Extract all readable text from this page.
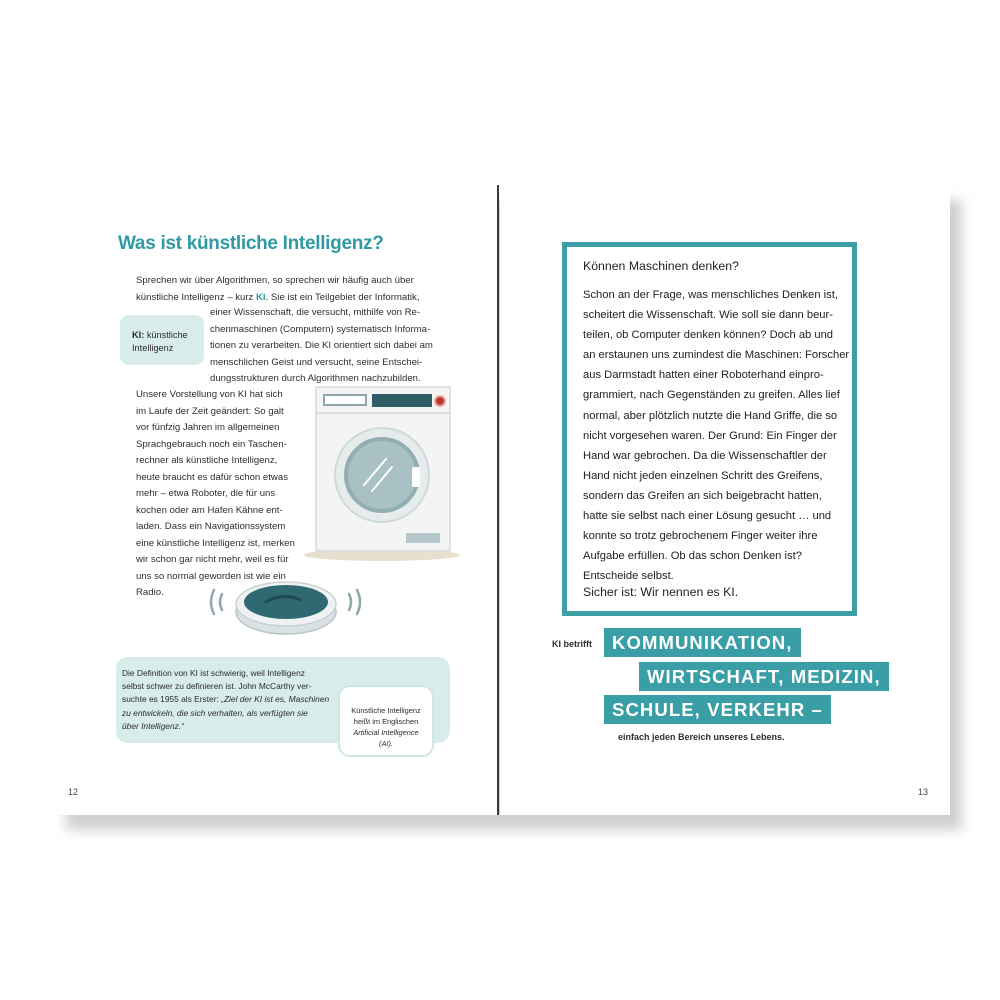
Was ist künstliche Intelligenz?
Sprechen wir über Algorithmen, so sprechen wir häufig auch über
künstliche Intelligenz – kurz KI. Sie ist ein Teilgebiet der Informatik,
einer Wissenschaft, die versucht, mithilfe von Re-
chenmaschinen (Computern) systematisch Informa-
tionen zu verarbeiten. Die KI orientiert sich dabei am
menschlichen Geist und versucht, seine Entschei-
dungsstrukturen durch Algorithmen nachzubilden.
KI: künstliche Intelligenz
Unsere Vorstellung von KI hat sich
im Laufe der Zeit geändert: So galt
vor fünfzig Jahren im allgemeinen
Sprachgebrauch noch ein Taschen-
rechner als künstliche Intelligenz,
heute braucht es dafür schon etwas
mehr – etwa Roboter, die für uns
kochen oder am Hafen Kähne ent-
laden. Dass ein Navigationssystem
eine künstliche Intelligenz ist, merken
wir schon gar nicht mehr, weil es für
uns so normal geworden ist wie ein
Radio.
Die Definition von KI ist schwierig, weil Intelligenz
selbst schwer zu definieren ist. John McCarthy ver-
suchte es 1955 als Erster: „Ziel der KI ist es, Maschinen
zu entwickeln, die sich verhalten, als verfügten sie
über Intelligenz.“
Künstliche Intelligenz
heißt im Englischen
Artificial Intelligence (AI).
12
Können Maschinen denken?
Schon an der Frage, was menschliches Denken ist,
scheitert die Wissenschaft. Wie soll sie dann beur-
teilen, ob Computer denken können? Doch ab und
an erstaunen uns zumindest die Maschinen: Forscher
aus Darmstadt hatten einer Roboterhand einpro-
grammiert, nach Gegenständen zu greifen. Alles lief
normal, aber plötzlich nutzte die Hand Griffe, die so
nicht vorgesehen waren. Der Grund: Ein Finger der
Hand war gebrochen. Da die Wissenschaftler der
Hand nicht jeden einzelnen Schritt des Greifens,
sondern das Greifen an sich beigebracht hatten,
hatte sie selbst nach einer Lösung gesucht … und
konnte so trotz gebrochenem Finger weiter ihre
Aufgabe erfüllen. Ob das schon Denken ist?
Entscheide selbst.
Sicher ist: Wir nennen es KI.
KI betrifft	KOMMUNIKATION,
WIRTSCHAFT, MEDIZIN,
SCHULE, VERKEHR –
einfach jeden Bereich unseres Lebens.
13
